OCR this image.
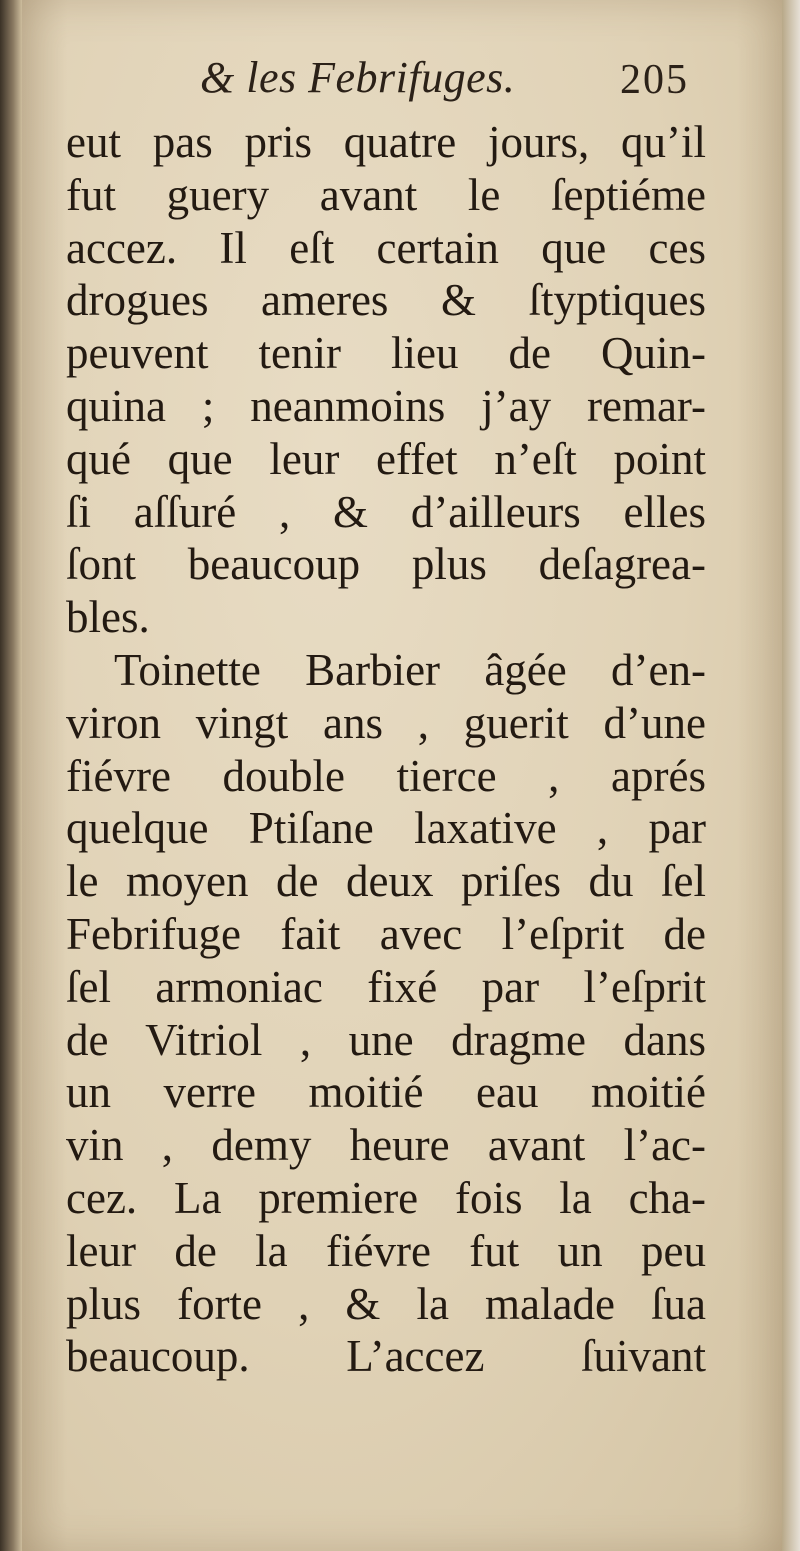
& les Febrifuges. 205
eut pas pris quatre jours, qu’il
fut guery avant le ſeptiéme
accez. Il eſt certain que ces
drogues ameres & ſtyptiques
peuvent tenir lieu de Quin-
quina ; neanmoins j’ay remar-
qué que leur effet n’eſt point
ſi aſſuré , & d’ailleurs elles
ſont beaucoup plus deſagrea-
bles.
Toinette Barbier âgée d’en-
viron vingt ans , guerit d’une
fiévre double tierce , aprés
quelque Ptiſane laxative , par
le moyen de deux priſes du ſel
Febrifuge fait avec l’eſprit de
ſel armoniac fixé par l’eſprit
de Vitriol , une dragme dans
un verre moitié eau moitié
vin , demy heure avant l’ac-
cez. La premiere fois la cha-
leur de la fiévre fut un peu
plus forte , & la malade ſua
beaucoup. L’accez ſuivant
